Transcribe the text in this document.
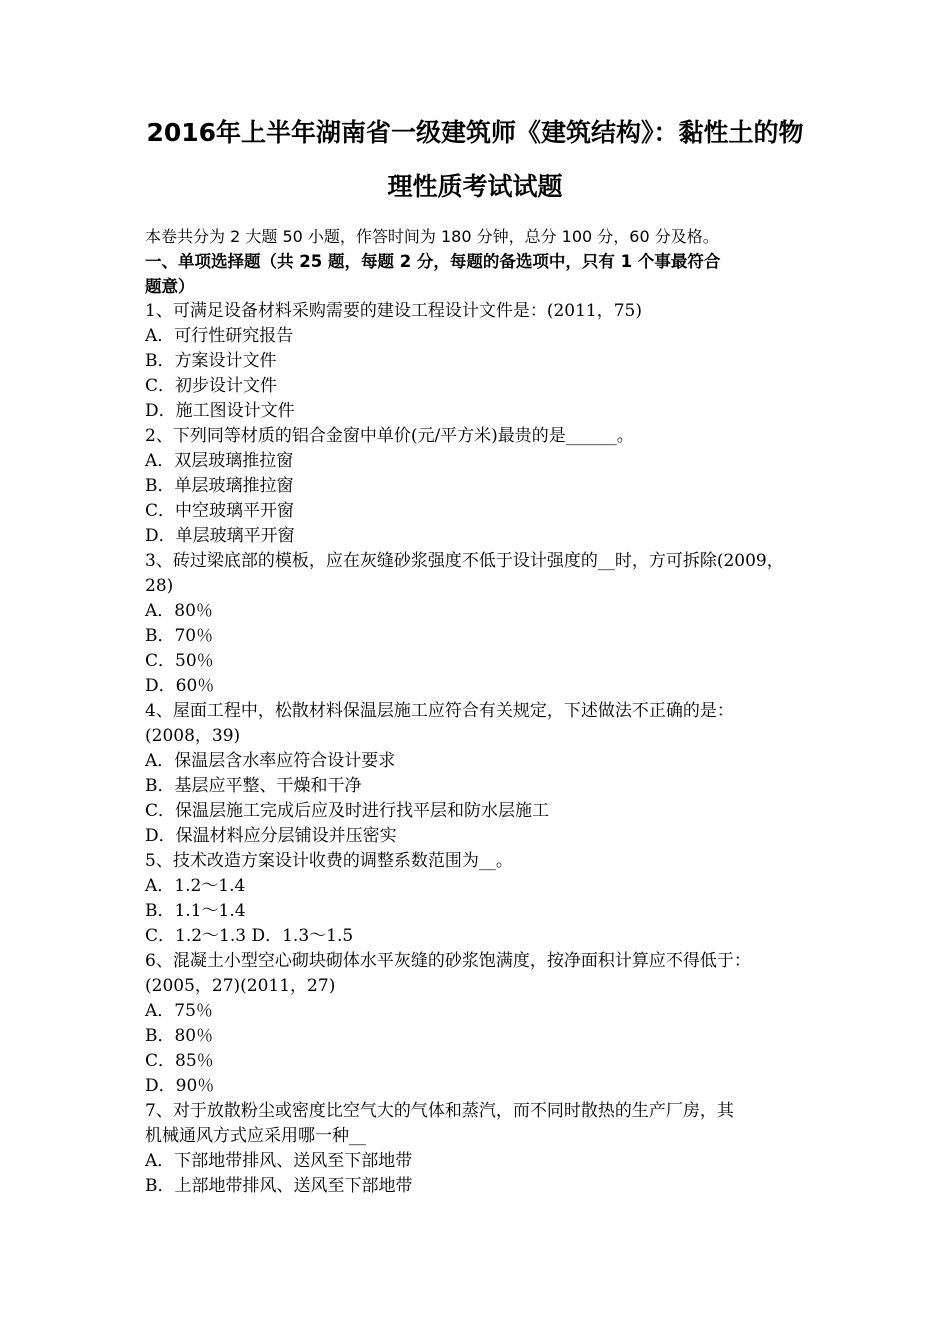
2016年上半年湖南省一级建筑师《建筑结构》：黏性土的物
理性质考试试题
本卷共分为 2 大题 50 小题，作答时间为 180 分钟，总分 100 分，60 分及格。
一、单项选择题（共 25 题，每题 2 分，每题的备选项中，只有 1 个事最符合
题意）
1、可满足设备材料采购需要的建设工程设计文件是：(2011，75)
A．可行性研究报告
B．方案设计文件
C．初步设计文件
D．施工图设计文件
2、下列同等材质的铝合金窗中单价(元/平方米)最贵的是______。
A．双层玻璃推拉窗
B．单层玻璃推拉窗
C．中空玻璃平开窗
D．单层玻璃平开窗
3、砖过梁底部的模板，应在灰缝砂浆强度不低于设计强度的__时，方可拆除(2009，
28)
A．80％
B．70％
C．50％
D．60％
4、屋面工程中，松散材料保温层施工应符合有关规定，下述做法不正确的是：
(2008，39)
A．保温层含水率应符合设计要求
B．基层应平整、干燥和干净
C．保温层施工完成后应及时进行找平层和防水层施工
D．保温材料应分层铺设并压密实
5、技术改造方案设计收费的调整系数范围为__。
A．1.2～1.4
B．1.1～1.4
C．1.2～1.3 D．1.3～1.5
6、混凝土小型空心砌块砌体水平灰缝的砂浆饱满度，按净面积计算应不得低于：
(2005，27)(2011，27)
A．75％
B．80％
C．85％
D．90％
7、对于放散粉尘或密度比空气大的气体和蒸汽，而不同时散热的生产厂房，其
机械通风方式应采用哪一种__
A．下部地带排风、送风至下部地带
B．上部地带排风、送风至下部地带
